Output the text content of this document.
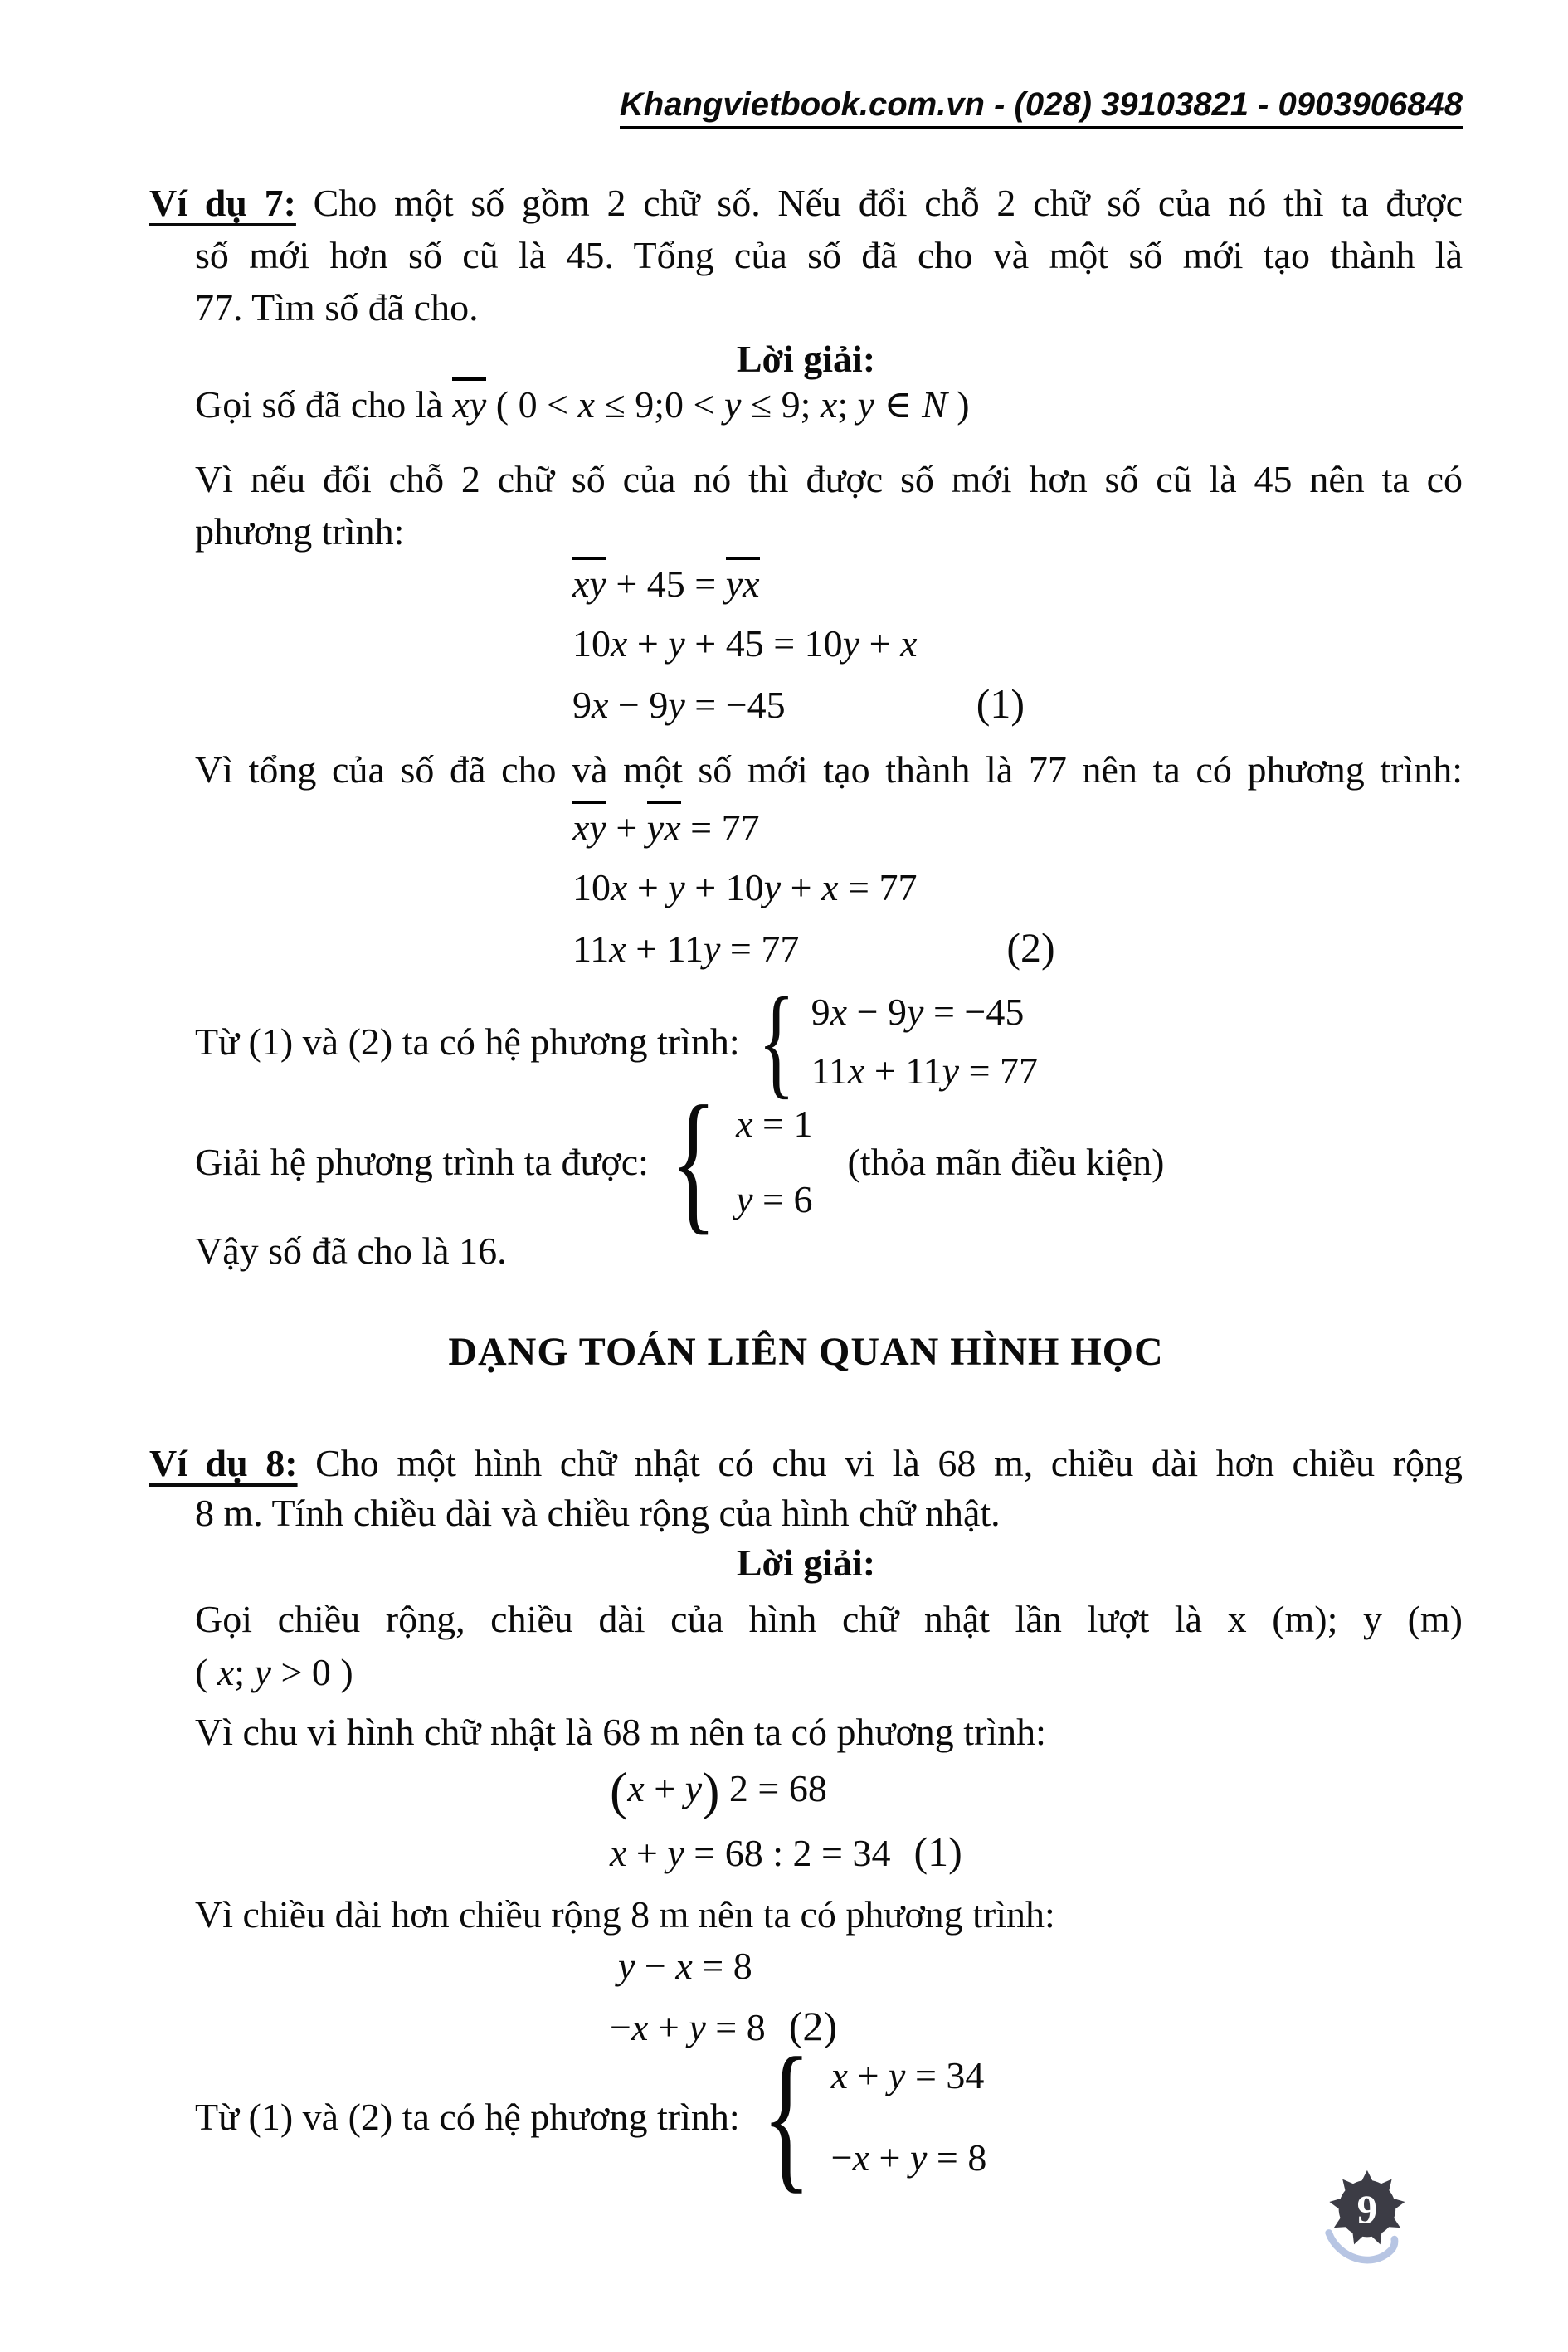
Khangvietbook.com.vn - (028) 39103821 - 0903906848
Ví dụ 7: Cho một số gồm 2 chữ số. Nếu đổi chỗ 2 chữ số của nó thì ta được
số mới hơn số cũ là 45. Tổng của số đã cho và một số mới tạo thành là
77. Tìm số đã cho.
Lời giải:
Gọi số đã cho là xy ( 0 < x ≤ 9;0 < y ≤ 9; x; y ∈ N )
Vì nếu đổi chỗ 2 chữ số của nó thì được số mới hơn số cũ là 45 nên ta có
phương trình:
xy + 45 = yx
10x + y + 45 = 10y + x
9x − 9y = −45	(1)
Vì tổng của số đã cho và một số mới tạo thành là 77 nên ta có phương trình:
xy + yx = 77
10x + y + 10y + x = 77
11x + 11y = 77	(2)
Từ (1) và (2) ta có hệ phương trình: { 9x − 9y = −45
11x + 11y = 77
Giải hệ phương trình ta được: { x = 1
y = 6
(thỏa mãn điều kiện)
Vậy số đã cho là 16.
DẠNG TOÁN LIÊN QUAN HÌNH HỌC
Ví dụ 8: Cho một hình chữ nhật có chu vi là 68 m, chiều dài hơn chiều rộng
8 m. Tính chiều dài và chiều rộng của hình chữ nhật.
Lời giải:
Gọi chiều rộng, chiều dài của hình chữ nhật lần lượt là x (m); y (m)
( x; y > 0 )
Vì chu vi hình chữ nhật là 68 m nên ta có phương trình:
(x + y) 2 = 68
x + y = 68 : 2 = 34 (1)
Vì chiều dài hơn chiều rộng 8 m nên ta có phương trình:
y − x = 8
−x + y = 8 (2)
Từ (1) và (2) ta có hệ phương trình: { x + y = 34
−x + y = 8
9
